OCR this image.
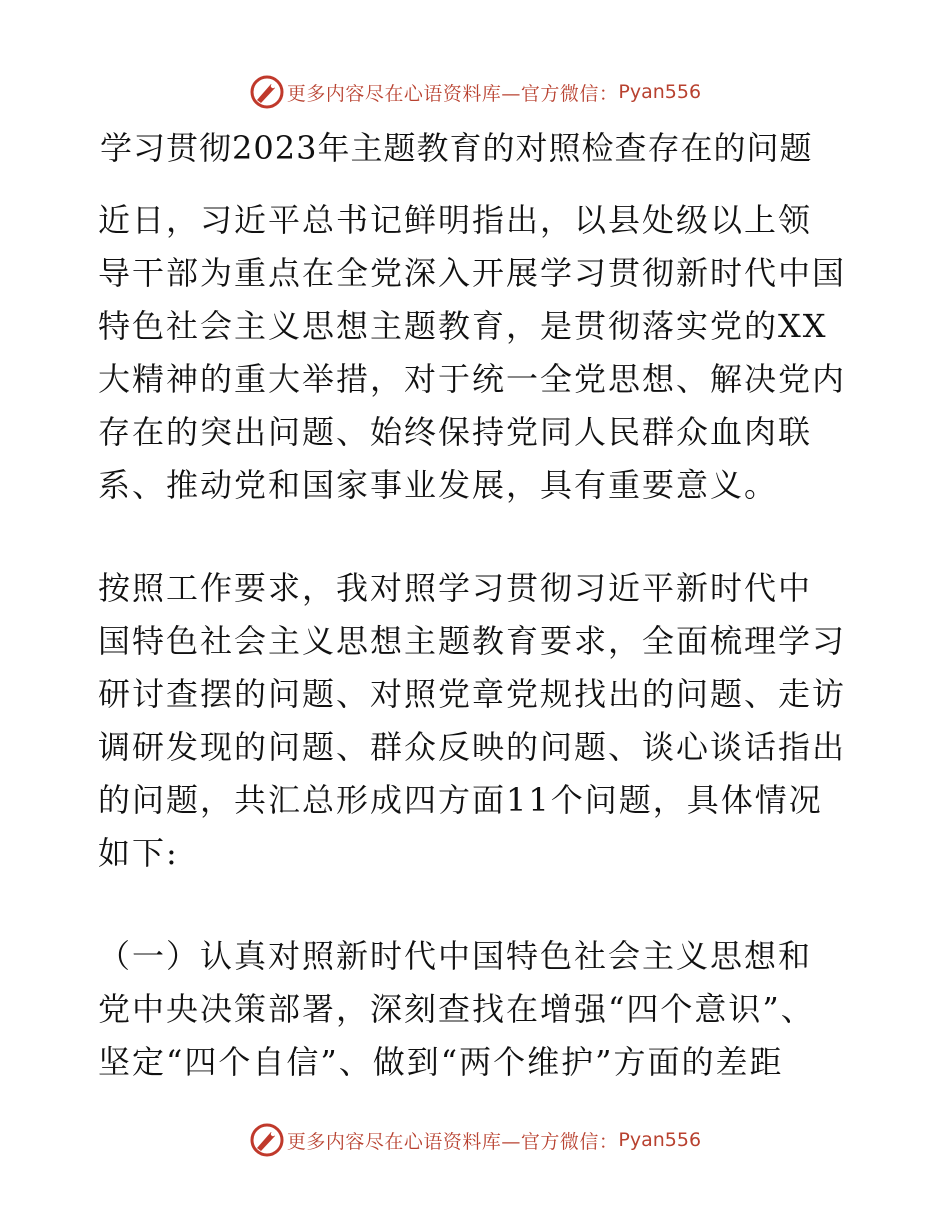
更多内容尽在心语资料库—官方微信： Pyan556
学习贯彻2023年主题教育的对照检查存在的问题
近日，习近平总书记鲜明指出，以县处级以上领
导干部为重点在全党深入开展学习贯彻新时代中国
特色社会主义思想主题教育，是贯彻落实党的XX
大精神的重大举措，对于统一全党思想、解决党内
存在的突出问题、始终保持党同人民群众血肉联
系、推动党和国家事业发展，具有重要意义。
按照工作要求，我对照学习贯彻习近平新时代中
国特色社会主义思想主题教育要求，全面梳理学习
研讨查摆的问题、对照党章党规找出的问题、走访
调研发现的问题、群众反映的问题、谈心谈话指出
的问题，共汇总形成四方面11个问题，具体情况
如下:
（一）认真对照新时代中国特色社会主义思想和
党中央决策部署，深刻查找在增强“四个意识”、
坚定“四个自信”、做到“两个维护”方面的差距
更多内容尽在心语资料库—官方微信： Pyan556
